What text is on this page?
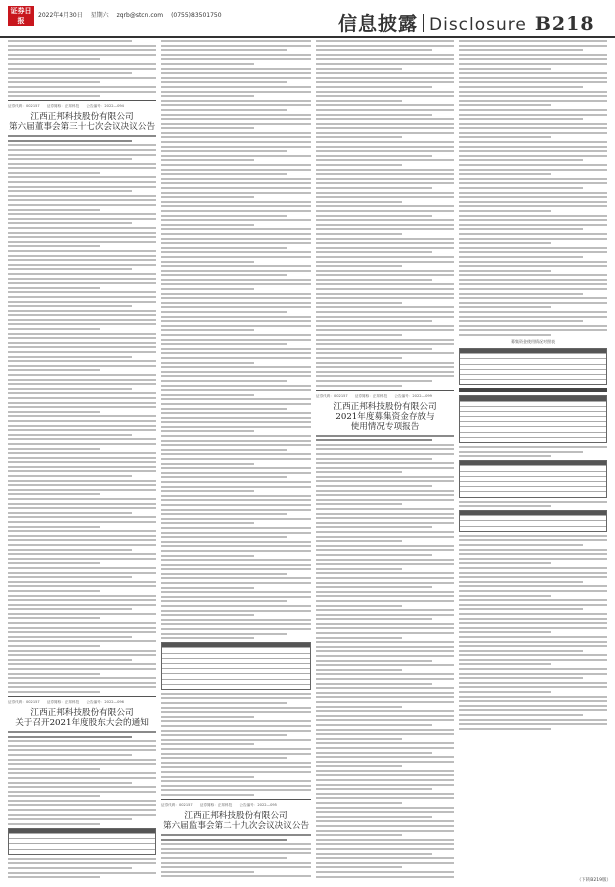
证券日报
2022年4月30日 星期六 zqrb@stcn.com (0755)83501750	信息披露 Disclosure B218
证券代码：002157　　证券简称：正邦科技　　公告编号：2022—094
江西正邦科技股份有限公司
第六届董事会第三十七次会议决议公告
证券代码：002157　　证券简称：正邦科技　　公告编号：2022—096
江西正邦科技股份有限公司
关于召开2021年度股东大会的通知
证券代码：002157　　证券简称：正邦科技　　公告编号：2022—095
江西正邦科技股份有限公司
第六届监事会第二十九次会议决议公告
证券代码：002157　　证券简称：正邦科技　　公告编号：2022—099
江西正邦科技股份有限公司
2021年度募集资金存放与
使用情况专项报告
募集资金使用情况对照表
（下转B219版）
